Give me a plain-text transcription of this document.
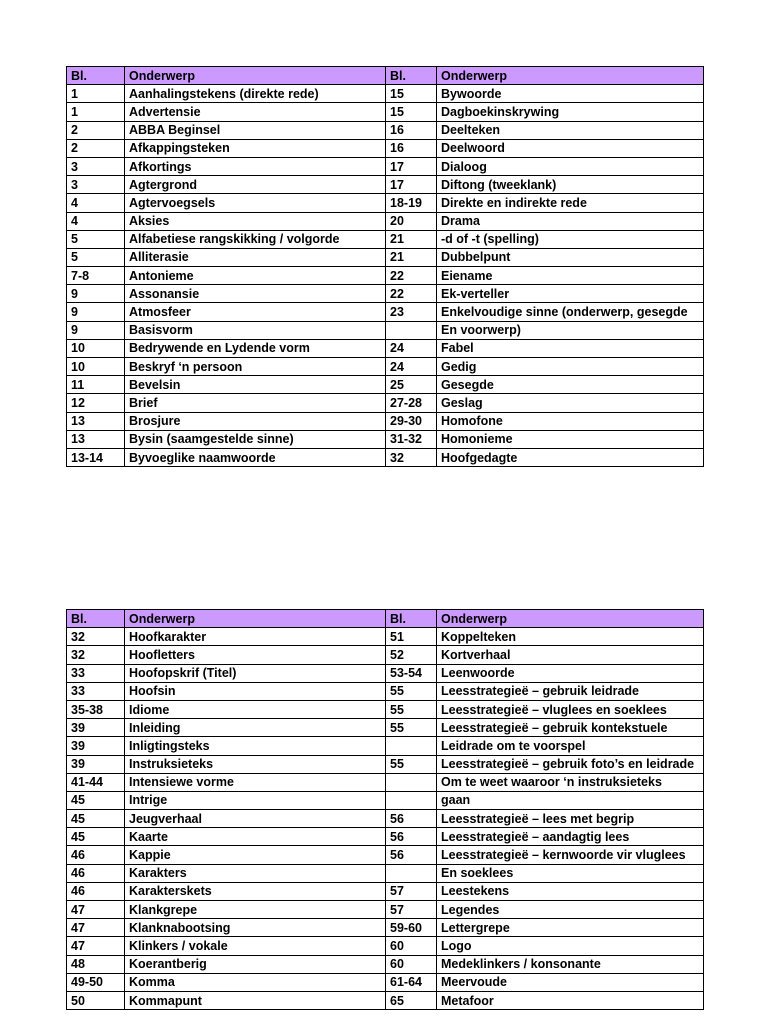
Bl.	Onderwerp	Bl.	Onderwerp
1	Aanhalingstekens (direkte rede)	15	Bywoorde
1	Advertensie	15	Dagboekinskrywing
2	ABBA Beginsel	16	Deelteken
2	Afkappingsteken	16	Deelwoord
3	Afkortings	17	Dialoog
3	Agtergrond	17	Diftong (tweeklank)
4	Agtervoegsels	18-19	Direkte en indirekte rede
4	Aksies	20	Drama
5	Alfabetiese rangskikking / volgorde	21	-d of -t (spelling)
5	Alliterasie	21	Dubbelpunt
7-8	Antonieme	22	Eiename
9	Assonansie	22	Ek-verteller
9	Atmosfeer	23	Enkelvoudige sinne (onderwerp, gesegde
9	Basisvorm		En voorwerp)
10	Bedrywende en Lydende vorm	24	Fabel
10	Beskryf ‘n persoon	24	Gedig
11	Bevelsin	25	Gesegde
12	Brief	27-28	Geslag
13	Brosjure	29-30	Homofone
13	Bysin (saamgestelde sinne)	31-32	Homonieme
13-14	Byvoeglike naamwoorde	32	Hoofgedagte
Bl.	Onderwerp	Bl.	Onderwerp
32	Hoofkarakter	51	Koppelteken
32	Hoofletters	52	Kortverhaal
33	Hoofopskrif (Titel)	53-54	Leenwoorde
33	Hoofsin	55	Leesstrategieë – gebruik leidrade
35-38	Idiome	55	Leesstrategieë – vluglees en soeklees
39	Inleiding	55	Leesstrategieë – gebruik kontekstuele
39	Inligtingsteks		Leidrade om te voorspel
39	Instruksieteks	55	Leesstrategieë – gebruik foto’s en leidrade
41-44	Intensiewe vorme		Om te weet waaroor ‘n instruksieteks
45	Intrige		gaan
45	Jeugverhaal	56	Leesstrategieë – lees met begrip
45	Kaarte	56	Leesstrategieë – aandagtig lees
46	Kappie	56	Leesstrategieë – kernwoorde vir vluglees
46	Karakters		En soeklees
46	Karakterskets	57	Leestekens
47	Klankgrepe	57	Legendes
47	Klanknabootsing	59-60	Lettergrepe
47	Klinkers / vokale	60	Logo
48	Koerantberig	60	Medeklinkers / konsonante
49-50	Komma	61-64	Meervoude
50	Kommapunt	65	Metafoor
